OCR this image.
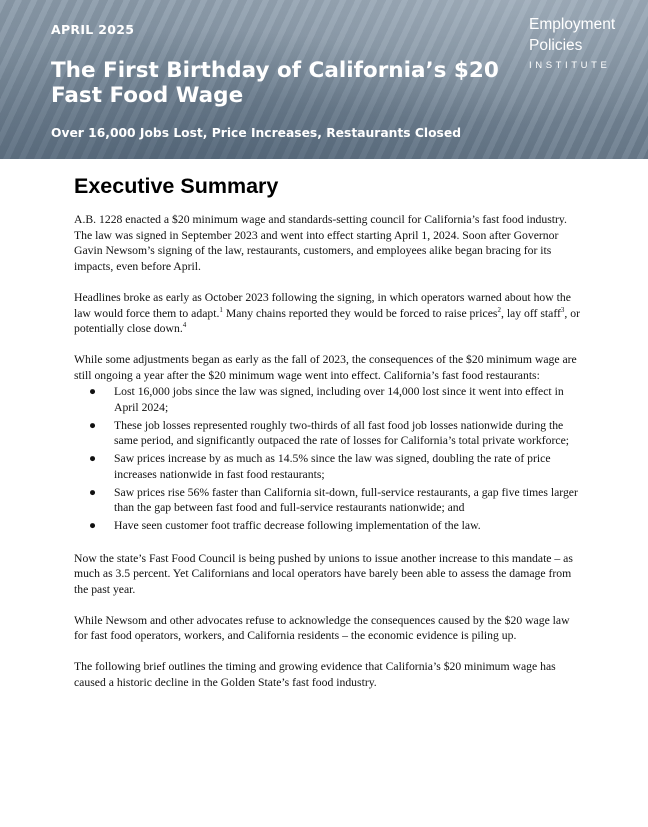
APRIL 2025
The First Birthday of California’s $20 Fast Food Wage
Over 16,000 Jobs Lost, Price Increases, Restaurants Closed
Employment
Policies
INSTITUTE
Executive Summary

A.B. 1228 enacted a $20 minimum wage and standards-setting council for California’s fast food industry. The law was signed in September 2023 and went into effect starting April 1, 2024. Soon after Governor Gavin Newsom’s signing of the law, restaurants, customers, and employees alike began bracing for its impacts, even before April.

Headlines broke as early as October 2023 following the signing, in which operators warned about how the law would force them to adapt.$^1$ Many chains reported they would be forced to raise prices$^2$, lay off staff$^3$, or potentially close down.$^4$

While some adjustments began as early as the fall of 2023, the consequences of the $20 minimum wage are still ongoing a year after the $20 minimum wage went into effect. California’s fast food restaurants:

● Lost 16,000 jobs since the law was signed, including over 14,000 lost since it went into effect in April 2024;
● These job losses represented roughly two-thirds of all fast food job losses nationwide during the same period, and significantly outpaced the rate of losses for California’s total private workforce;
● Saw prices increase by as much as 14.5% since the law was signed, doubling the rate of price increases nationwide in fast food restaurants;
● Saw prices rise 56% faster than California sit-down, full-service restaurants, a gap five times larger than the gap between fast food and full-service restaurants nationwide; and
● Have seen customer foot traffic decrease following implementation of the law.

Now the state’s Fast Food Council is being pushed by unions to issue another increase to this mandate – as much as 3.5 percent. Yet Californians and local operators have barely been able to assess the damage from the past year.

While Newsom and other advocates refuse to acknowledge the consequences caused by the $20 wage law for fast food operators, workers, and California residents – the economic evidence is piling up.

The following brief outlines the timing and growing evidence that California’s $20 minimum wage has caused a historic decline in the Golden State’s fast food industry.
